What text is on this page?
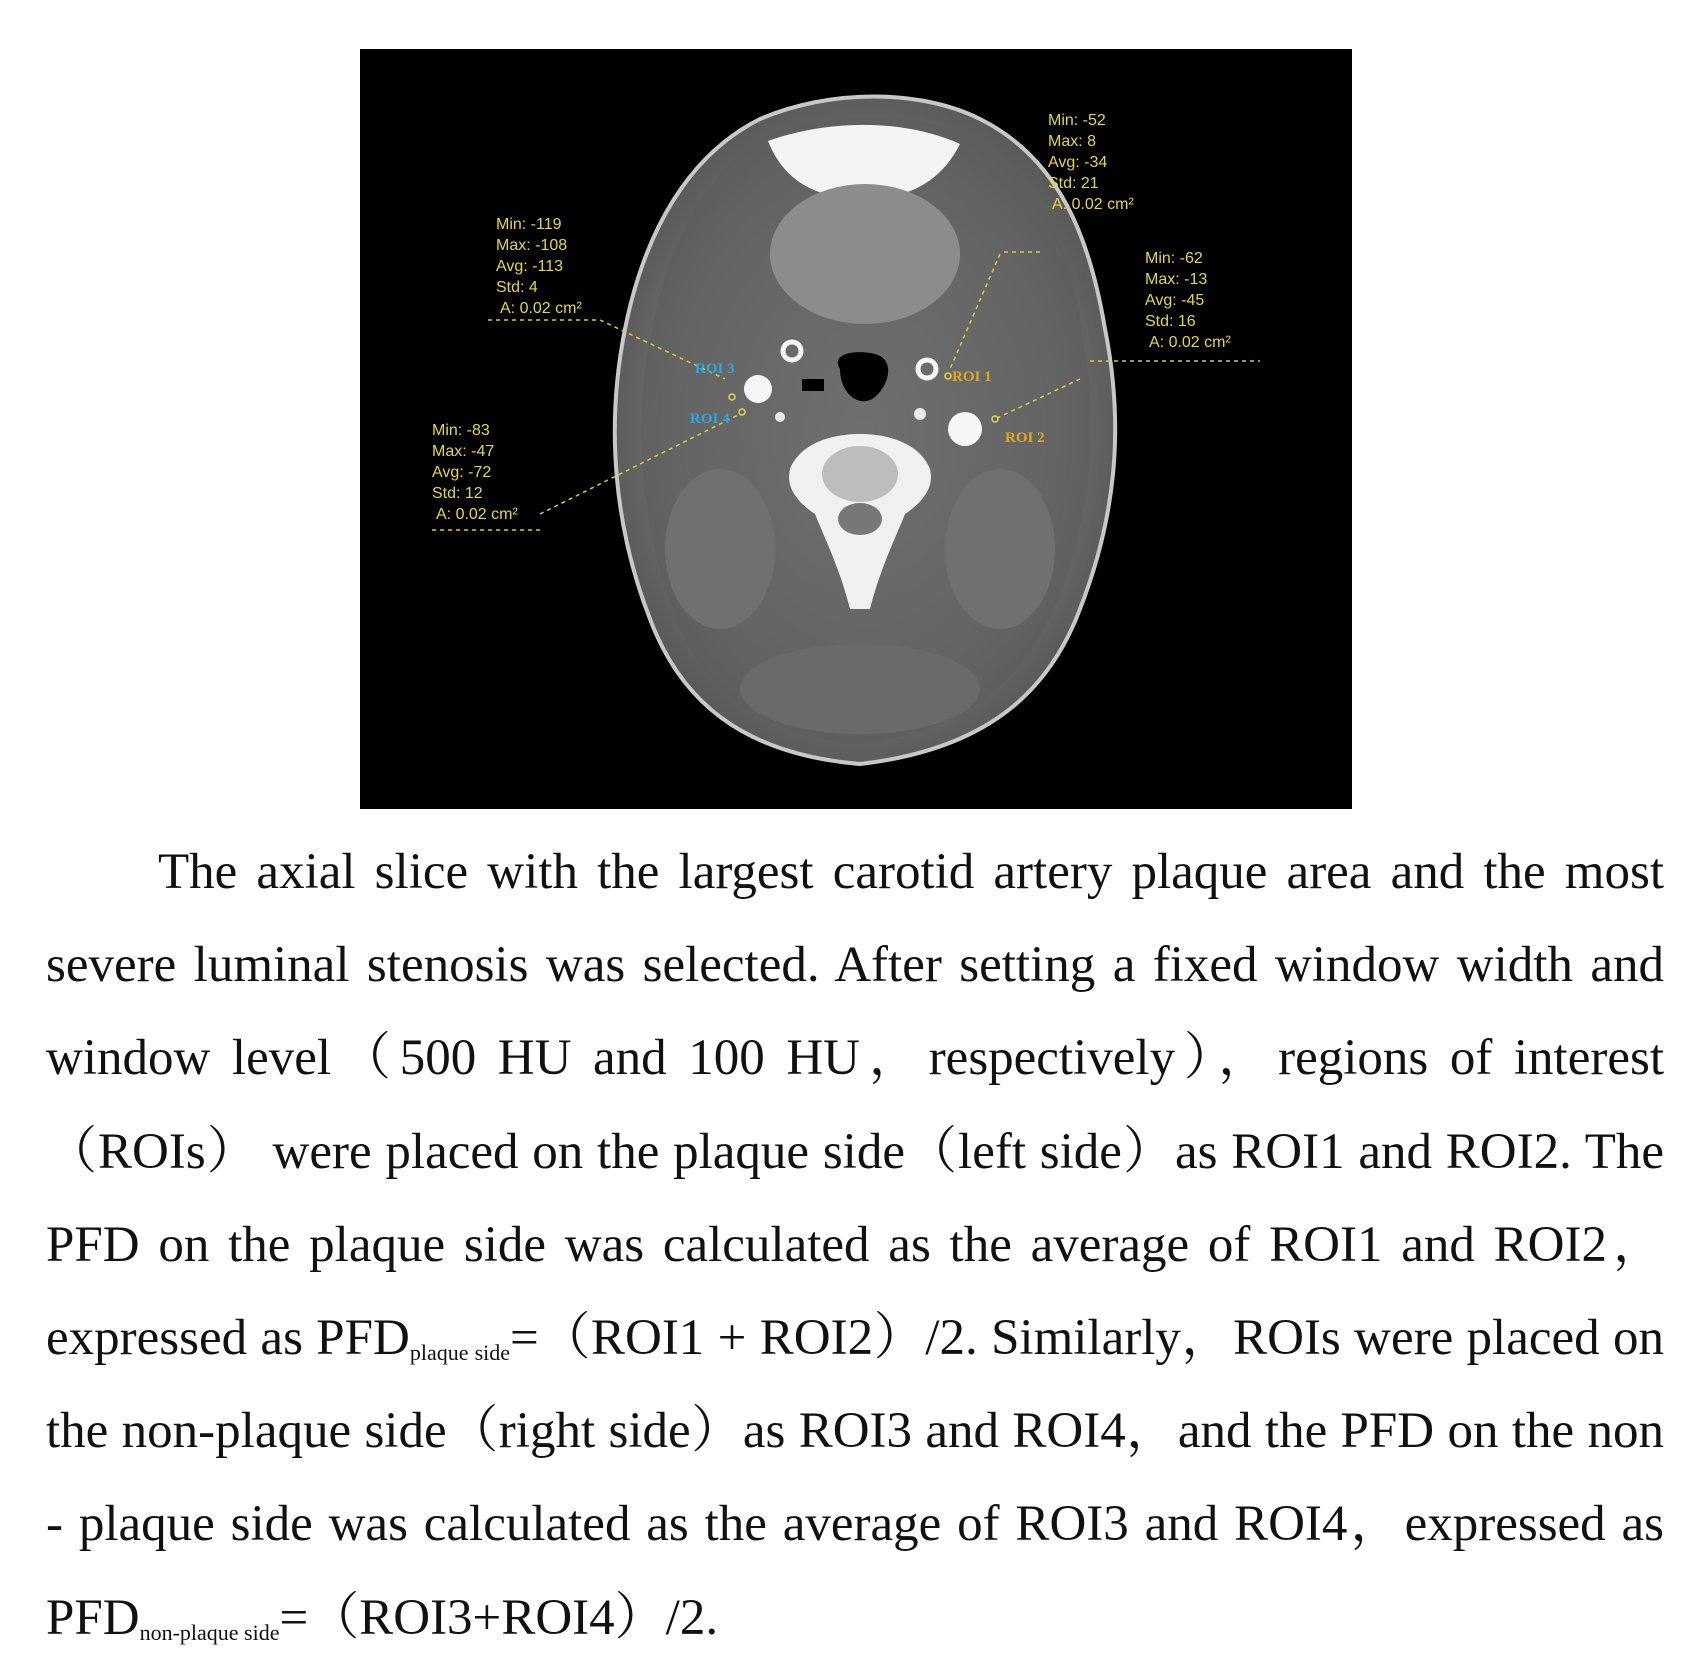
Min: -52
Max: 8
Avg: -34
Std: 21
A: 0.02 cm²
Min: -62
Max: -13
Avg: -45
Std: 16
A: 0.02 cm²
Min: -119
Max: -108
Avg: -113
Std: 4
A: 0.02 cm²
Min: -83
Max: -47
Avg: -72
Std: 12
A: 0.02 cm²
ROI 1
ROI 2
ROI 3
ROI 4

The axial slice with the largest carotid artery plaque area and the most severe luminal stenosis was selected. After setting a fixed window width and window level（500 HU and 100 HU，respectively），regions of interest（ROIs） were placed on the plaque side（left side）as ROI1 and ROI2. The PFD on the plaque side was calculated as the average of ROI1 and ROI2，expressed as $PFD_{plaque side}=(ROI1 + ROI2)/2$. Similarly，ROIs were placed on the non-plaque side（right side）as ROI3 and ROI4，and the PFD on the non - plaque side was calculated as the average of ROI3 and ROI4，expressed as $PFD_{non-plaque side}=(ROI3+ROI4)/2$.
